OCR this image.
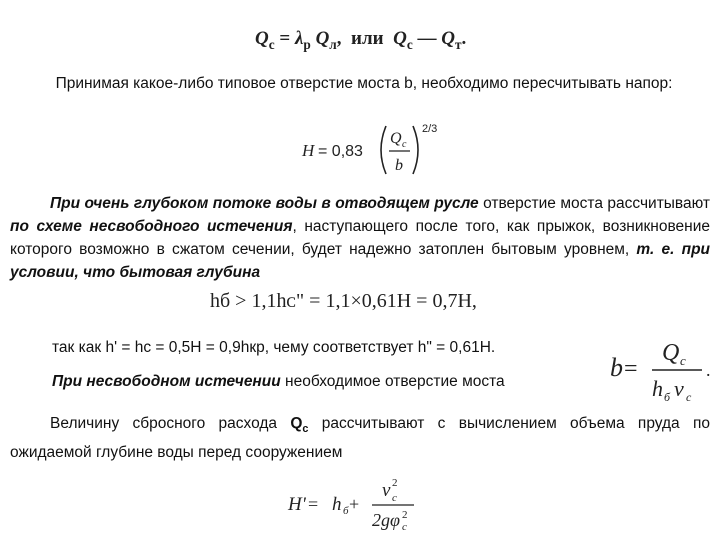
$Q_c = \lambda_p$ $Q_л$,  или  $Q_c$ — $Q_т$.
Принимая какое-либо типовое отверстие моста b, необходимо пересчитывать напор:
H = 0,83
Q c
b
2/3
При очень глубоком потоке воды в отводящем русле отверстие моста рассчитывают по схеме несвободного истечения, наступающего после того, как прыжок, возникновение которого возможно в сжатом сечении, будет надежно затоплен бытовым уровнем, т. е. при условии, что бытовая глубина
hб > 1,1hᴄ" = 1,1×0,61H = 0,7H,
так как h' = hc = 0,5H = 0,9hкр, чему соответствует h" = 0,61H.
При несвободном истечении необходимое отверстие моста	b =
Q c
h б v c
.
Величину сбросного расхода $Q_c$ рассчитывают с вычислением объема пруда по ожидаемой глубине воды перед сооружением
H' = h б +
v 2
c
2gφ 2
c
